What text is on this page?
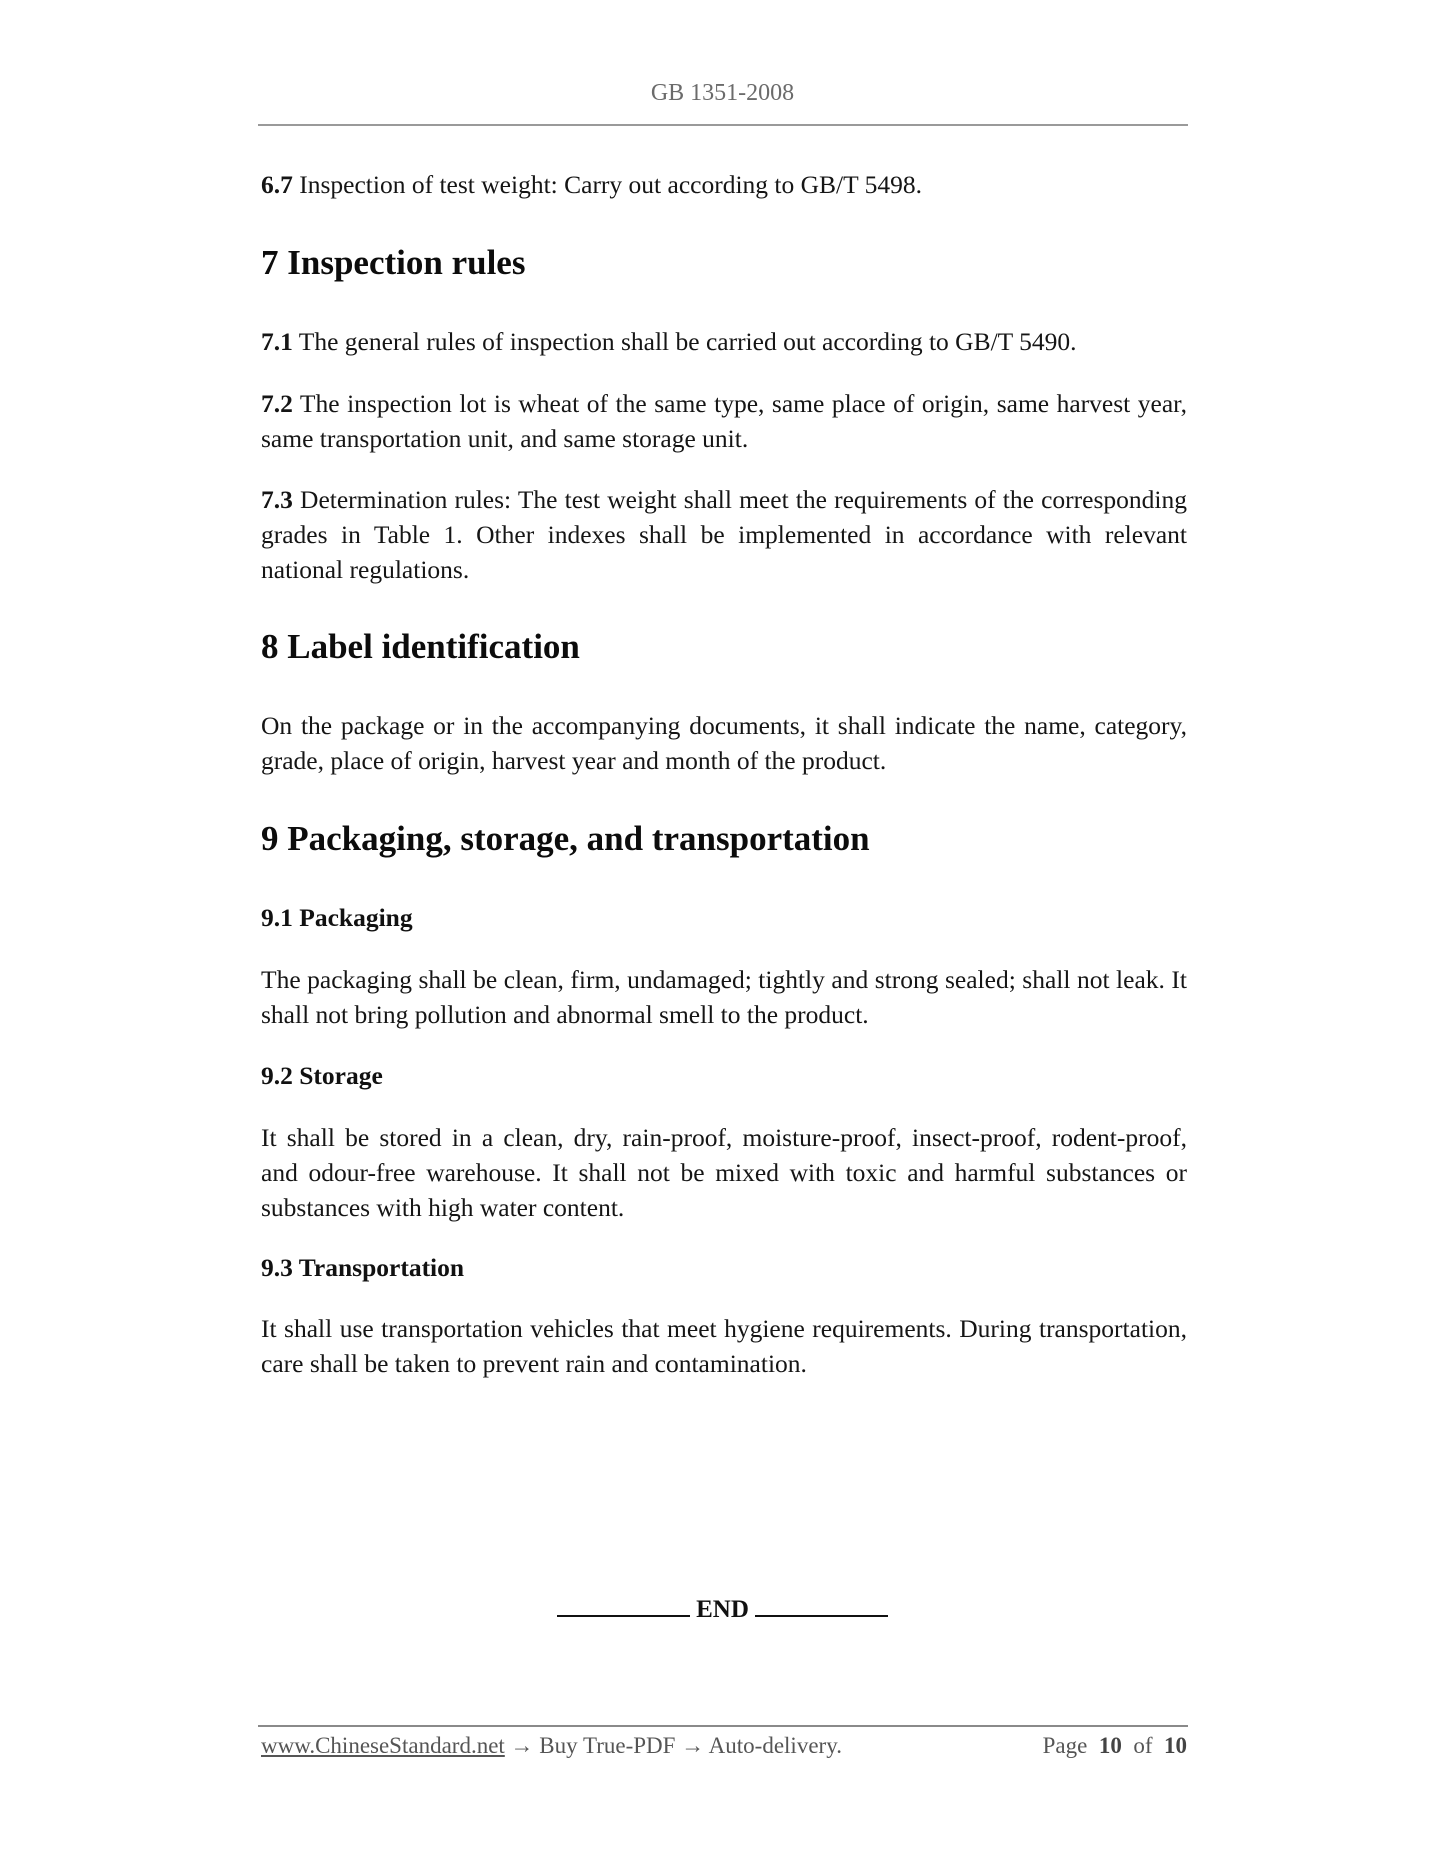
GB 1351-2008

6.7 Inspection of test weight: Carry out according to GB/T 5498.

7 Inspection rules

7.1 The general rules of inspection shall be carried out according to GB/T 5490.

7.2 The inspection lot is wheat of the same type, same place of origin, same harvest year, same transportation unit, and same storage unit.

7.3 Determination rules: The test weight shall meet the requirements of the corresponding grades in Table 1. Other indexes shall be implemented in accordance with relevant national regulations.

8 Label identification

On the package or in the accompanying documents, it shall indicate the name, category, grade, place of origin, harvest year and month of the product.

9 Packaging, storage, and transportation
9.1 Packaging

The packaging shall be clean, firm, undamaged; tightly and strong sealed; shall not leak. It shall not bring pollution and abnormal smell to the product.

9.2 Storage

It shall be stored in a clean, dry, rain-proof, moisture-proof, insect-proof, rodent-proof, and odour-free warehouse. It shall not be mixed with toxic and harmful substances or substances with high water content.

9.3 Transportation

It shall use transportation vehicles that meet hygiene requirements. During transportation, care shall be taken to prevent rain and contamination.

END
www.ChineseStandard.net → Buy True-PDF → Auto-delivery.	Page 10 of 10
